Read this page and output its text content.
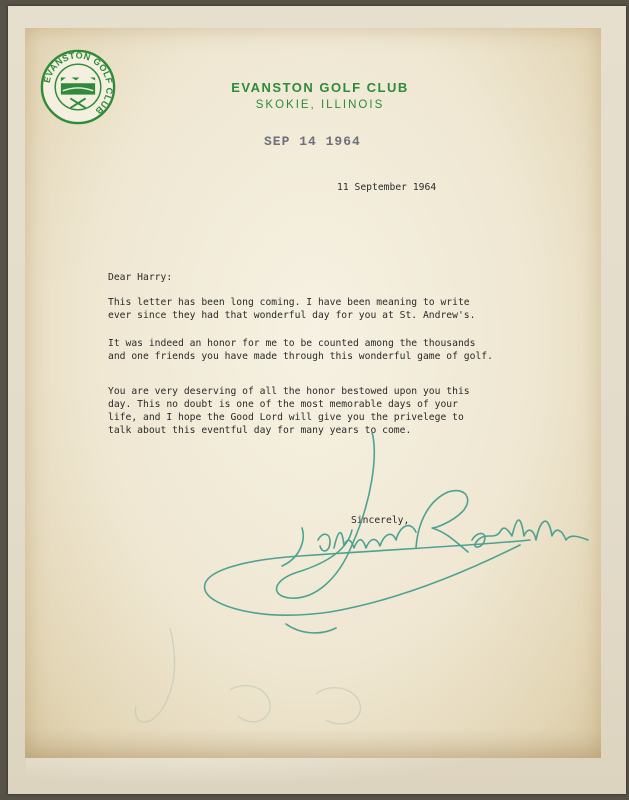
EVANSTON GOLF CLUB

EVANSTON GOLF CLUB

SKOKIE, ILLINOIS

SEP 14 1964

11 September 1964

Dear Harry:

This letter has been long coming. I have been meaning to write
ever since they had that wonderful day for you at St. Andrew's.

It was indeed an honor for me to be counted among the thousands
and one friends you have made through this wonderful game of golf.

You are very deserving of all the honor bestowed upon you this
day. This no doubt is one of the most memorable days of your
life, and I hope the Good Lord will give you the privelege to
talk about this eventful day for many years to come.

Sincerely,
